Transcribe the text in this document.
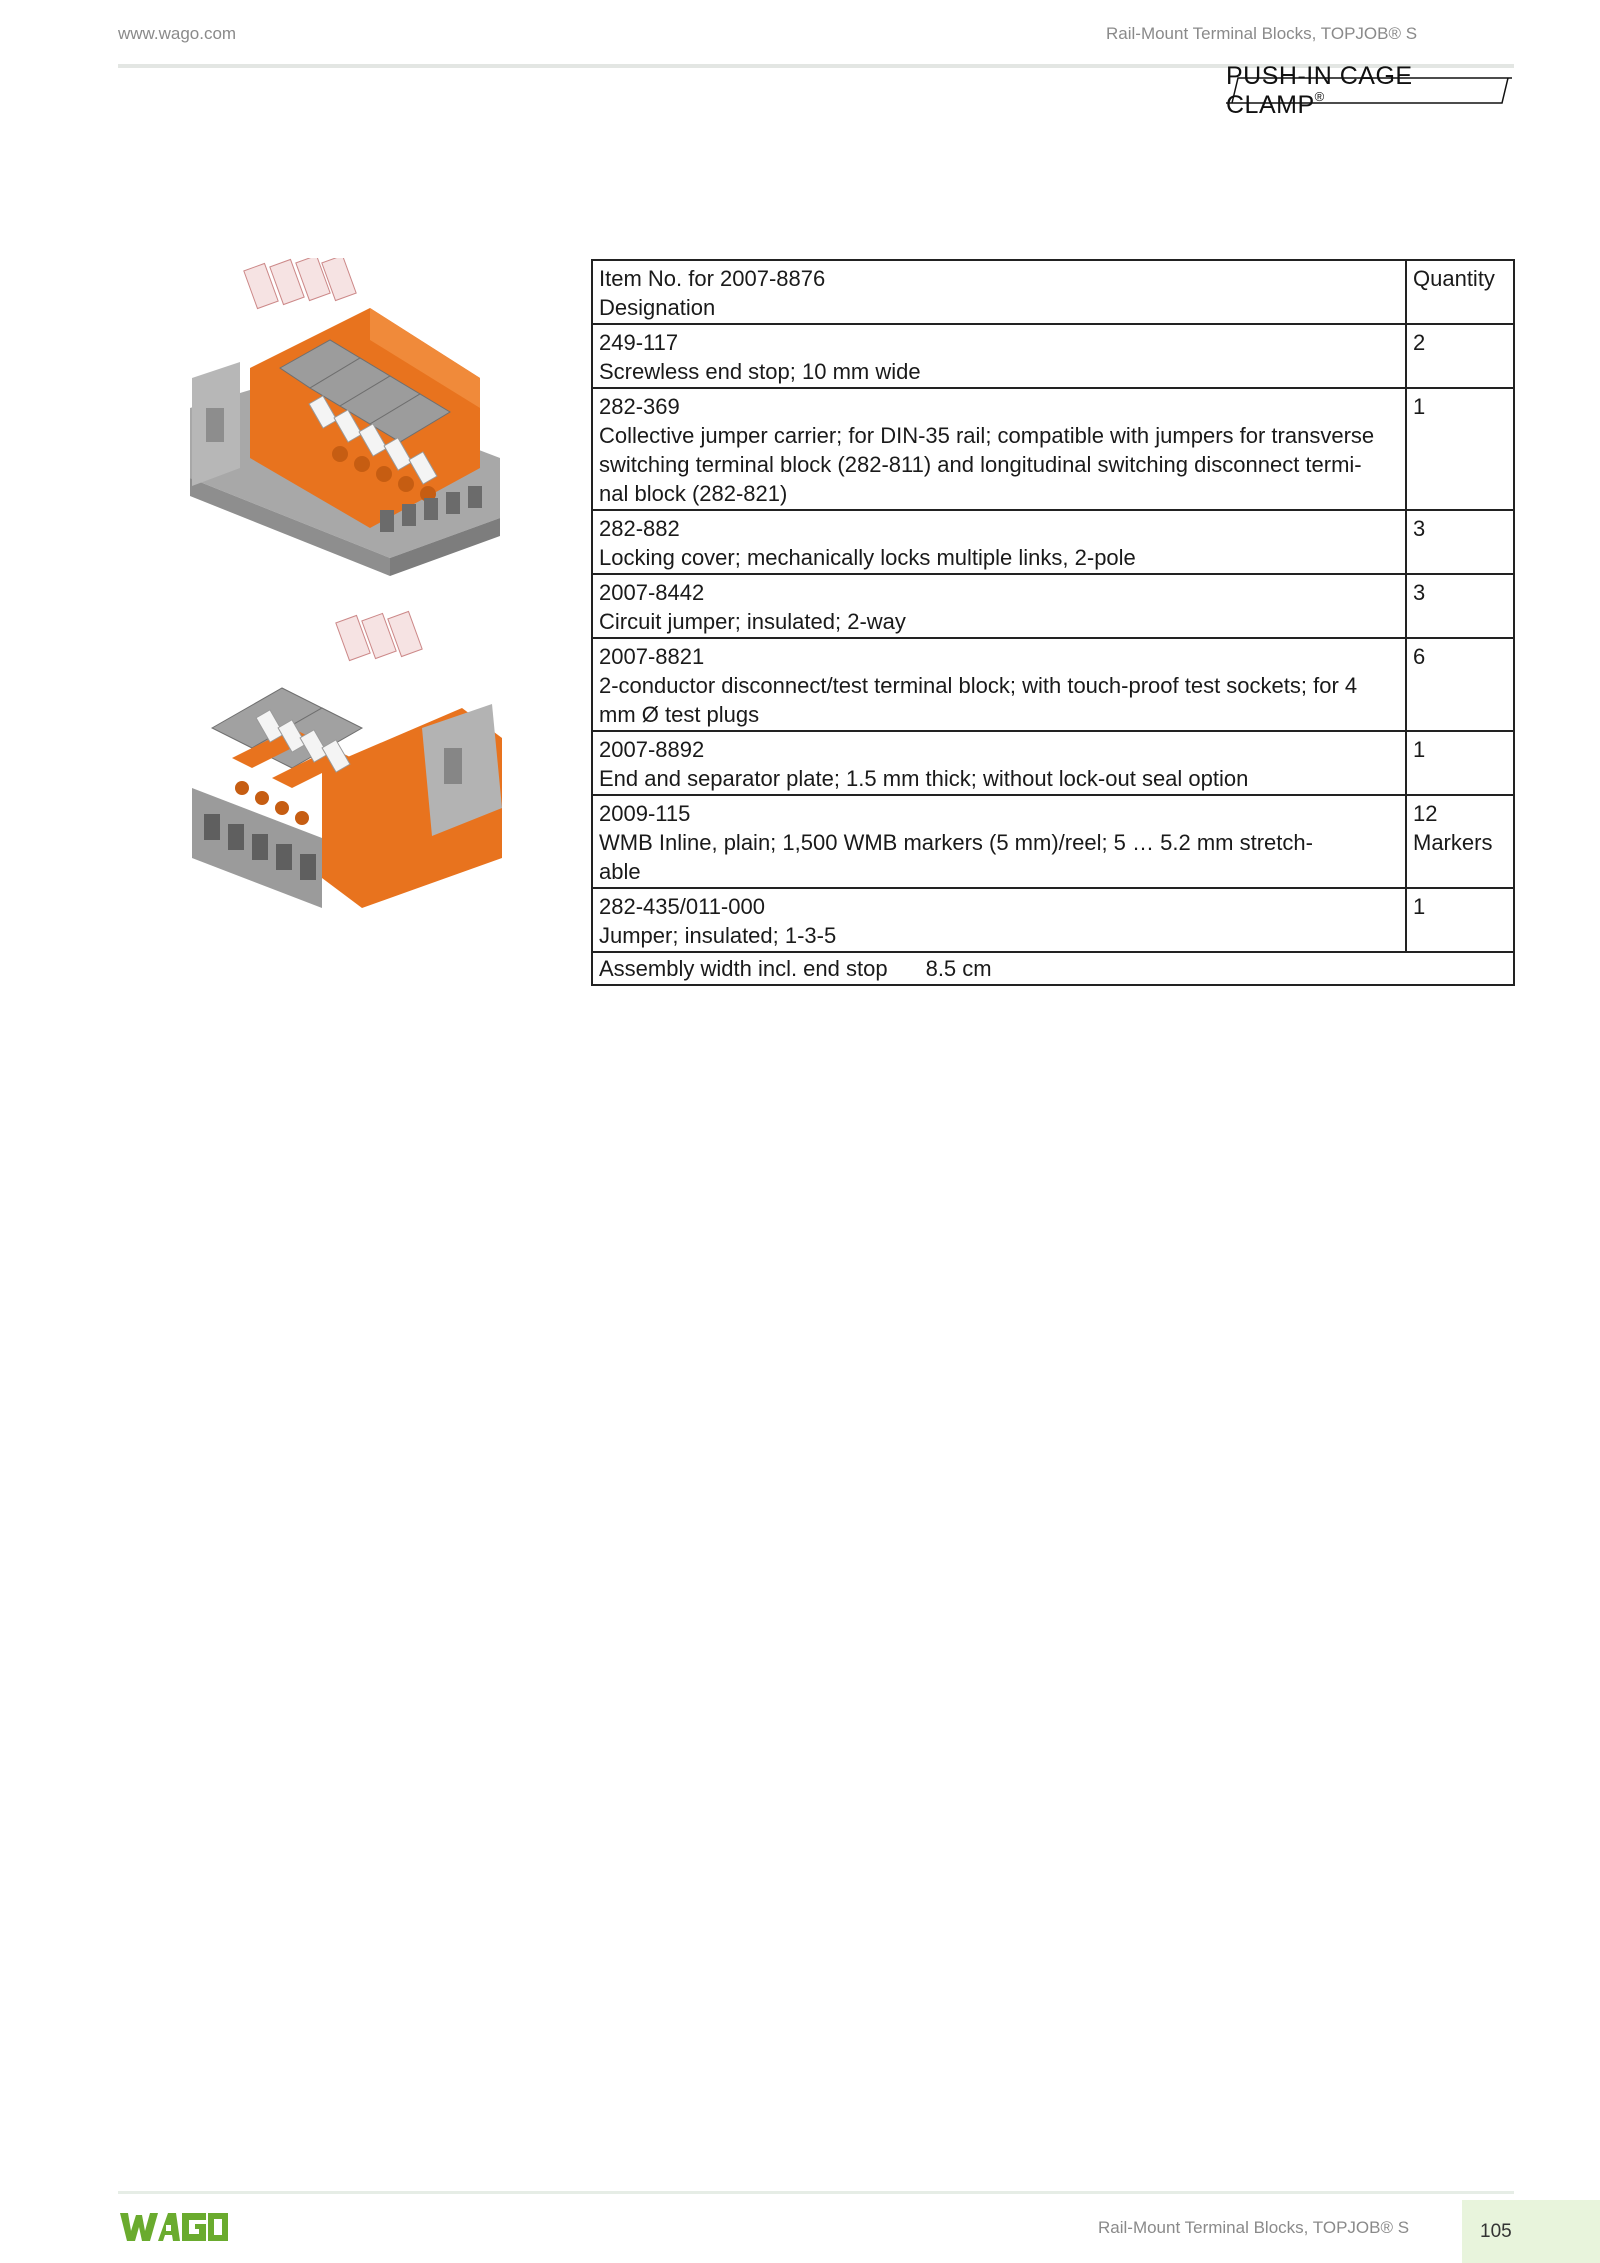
www.wago.com	Rail-Mount Terminal Blocks, TOPJOB® S
PUSH-IN CAGE CLAMP®
Item No. for 2007-8876
Designation	Quantity

249-117
Screwless end stop; 10 mm wide	2

282-369
Collective jumper carrier; for DIN-35 rail; compatible with jumpers for transverse
switching terminal block (282-811) and longitudinal switching disconnect termi-
nal block (282-821)	1

282-882
Locking cover; mechanically locks multiple links, 2-pole	3

2007-8442
Circuit jumper; insulated; 2-way	3

2007-8821
2-conductor disconnect/test terminal block; with touch-proof test sockets; for 4
mm Ø test plugs	6

2007-8892
End and separator plate; 1.5 mm thick; without lock-out seal option	1

2009-115
WMB Inline, plain; 1,500 WMB markers (5 mm)/reel; 5 … 5.2 mm stretch-
able	12
Markers

282-435/011-000
Jumper; insulated; 1-3-5	1

Assembly width incl. end stop 8.5 cm	
Rail-Mount Terminal Blocks, TOPJOB® S	105
